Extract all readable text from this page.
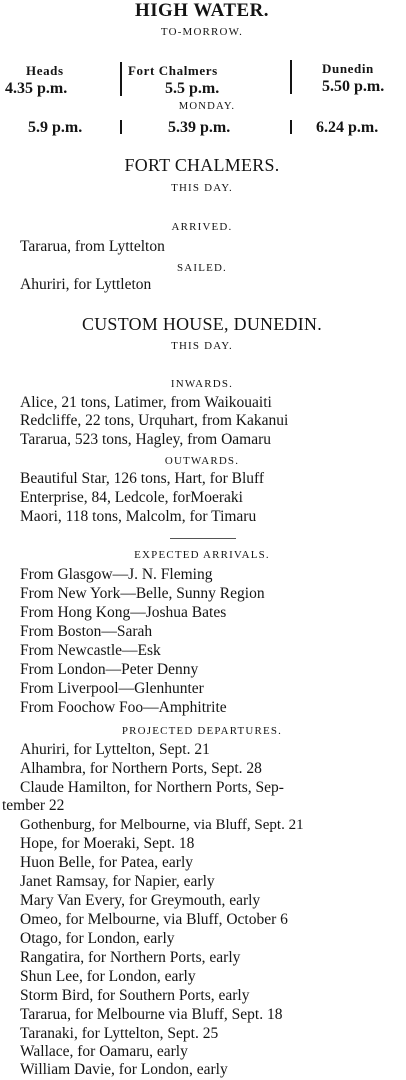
HIGH WATER.
TO-MORROW.
Heads	Fort Chalmers	Dunedin
4.35 p.m.	5.5 p.m.	5.50 p.m.
MONDAY.
5.9 p.m.	5.39 p.m.	6.24 p.m.
FORT CHALMERS.
THIS DAY.
ARRIVED.
Tararua, from Lyttelton
SAILED.
Ahuriri, for Lyttleton
CUSTOM HOUSE, DUNEDIN.
THIS DAY.
INWARDS.
Alice, 21 tons, Latimer, from Waikouaiti
Redcliffe, 22 tons, Urquhart, from Kakanui
Tararua, 523 tons, Hagley, from Oamaru
OUTWARDS.
Beautiful Star, 126 tons, Hart, for Bluff
Enterprise, 84, Ledcole, forMoeraki
Maori, 118 tons, Malcolm, for Timaru
EXPECTED ARRIVALS.
From Glasgow—J. N. Fleming
From New York—Belle, Sunny Region
From Hong Kong—Joshua Bates
From Boston—Sarah
From Newcastle—Esk
From London—Peter Denny
From Liverpool—Glenhunter
From Foochow Foo—Amphitrite
PROJECTED DEPARTURES.
Ahuriri, for Lyttelton, Sept. 21
Alhambra, for Northern Ports, Sept. 28
Claude Hamilton, for Northern Ports, Sep-
tember 22
Gothenburg, for Melbourne, via Bluff, Sept. 21
Hope, for Moeraki, Sept. 18
Huon Belle, for Patea, early
Janet Ramsay, for Napier, early
Mary Van Every, for Greymouth, early
Omeo, for Melbourne, via Bluff, October 6
Otago, for London, early
Rangatira, for Northern Ports, early
Shun Lee, for London, early
Storm Bird, for Southern Ports, early
Tararua, for Melbourne via Bluff, Sept. 18
Taranaki, for Lyttelton, Sept. 25
Wallace, for Oamaru, early
William Davie, for London, early
